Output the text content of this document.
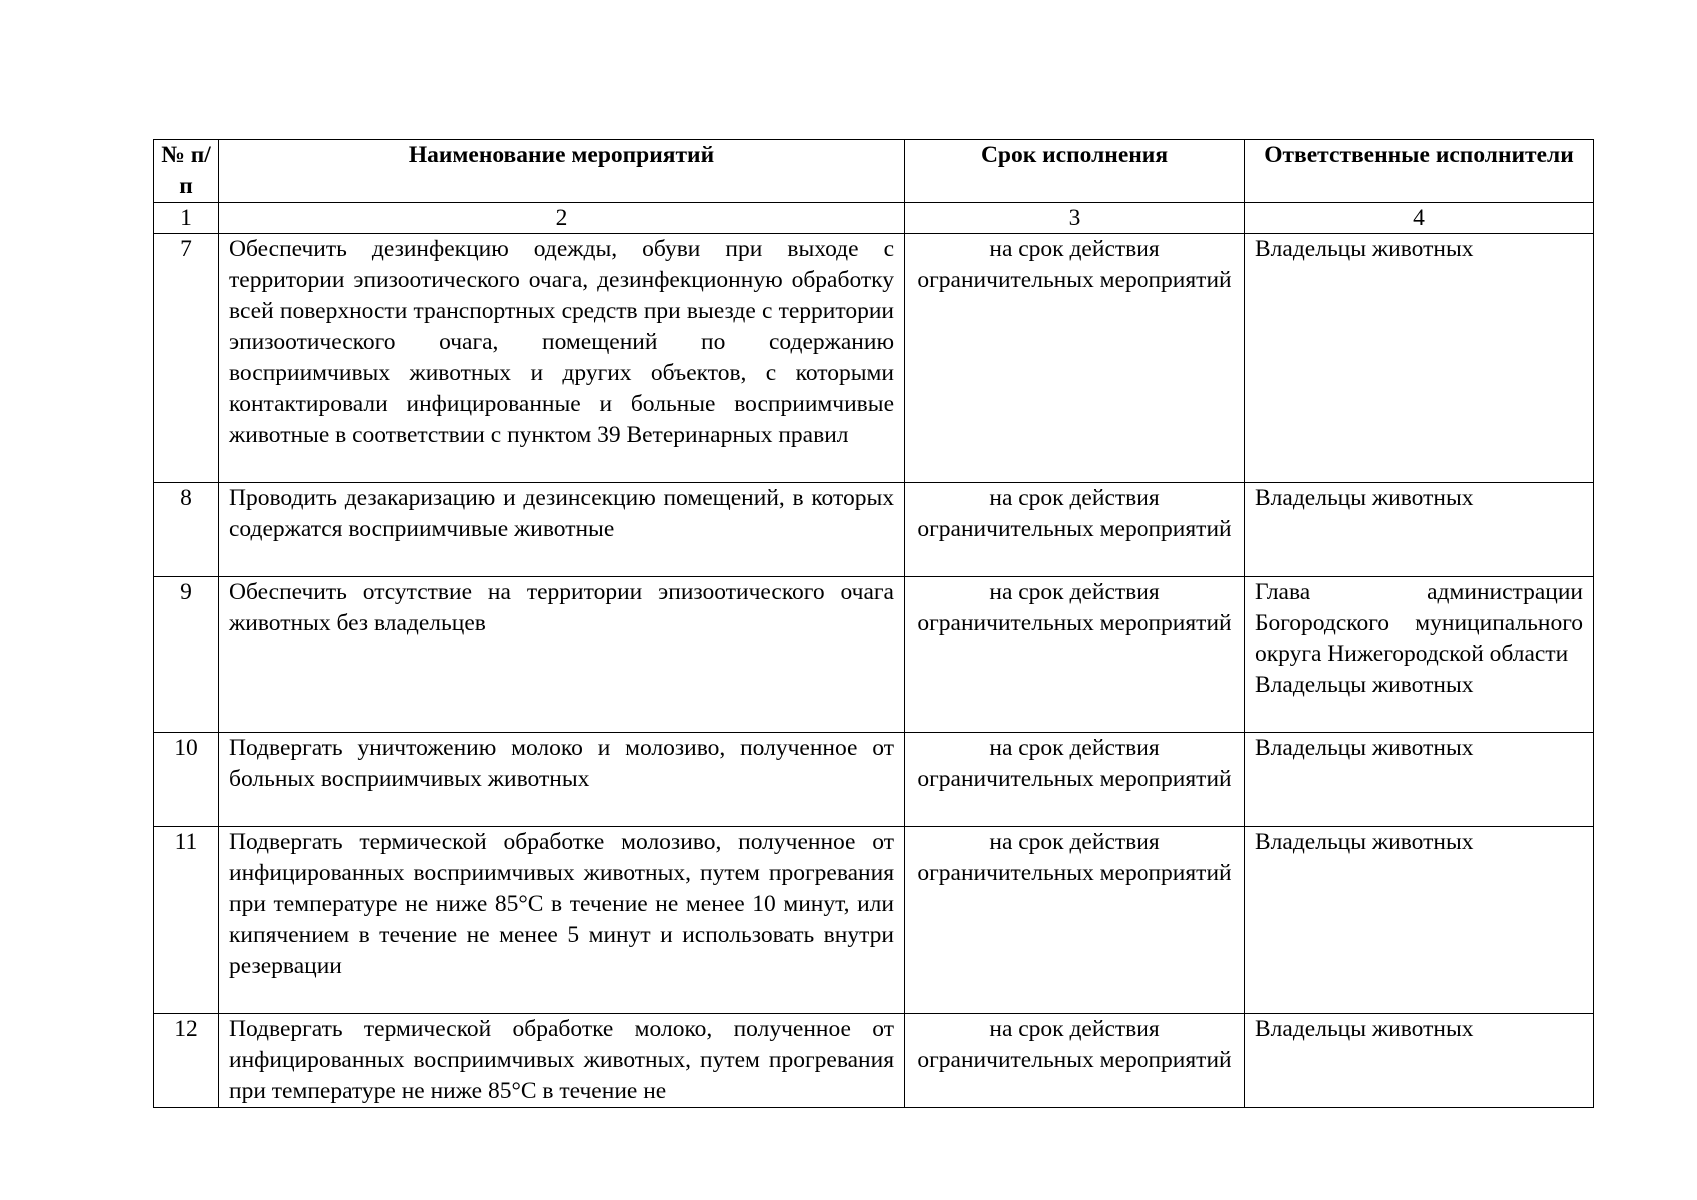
№ п/п	Наименование мероприятий	Срок исполнения	Ответственные исполнители
1	2	3	4
7	Обеспечить дезинфекцию одежды, обуви при выходе с территории эпизоотического очага, дезинфекционную обработку всей поверхности транспортных средств при выезде с территории эпизоотического очага, помещений по содержанию восприимчивых животных и других объектов, с которыми контактировали инфицированные и больные восприимчивые животные в соответствии с пунктом 39 Ветеринарных правил	на срок действия ограничительных мероприятий	Владельцы животных

8	Проводить дезакаризацию и дезинсекцию помещений, в которых содержатся восприимчивые животные	на срок действия ограничительных мероприятий	Владельцы животных

9	Обеспечить отсутствие на территории эпизоотического очага животных без владельцев	на срок действия ограничительных мероприятий	Глава администрации Богородского муниципального округа Нижегородской области
Владельцы животных

10	Подвергать уничтожению молоко и молозиво, полученное от больных восприимчивых животных	на срок действия ограничительных мероприятий	Владельцы животных

11	Подвергать термической обработке молозиво, полученное от инфицированных восприимчивых животных, путем прогревания при температуре не ниже 85°С в течение не менее 10 минут, или кипячением в течение не менее 5 минут и использовать внутри резервации	на срок действия ограничительных мероприятий	Владельцы животных

12	Подвергать термической обработке молоко, полученное от инфицированных восприимчивых животных, путем прогревания при температуре не ниже 85°С в течение не	на срок действия ограничительных мероприятий	Владельцы животных
